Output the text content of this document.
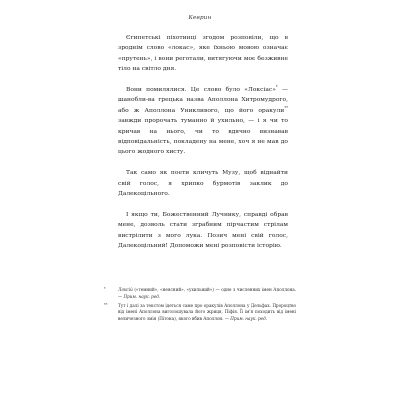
Кеврин

Єгипетські піхотинці згодом розповіли, що в зроднім слово «локас», яке їхньою мовою означає «прутень», і вони реготали, витягуючи моє безживне тіло на світло дня.

Вони помилялися. Це слово було «Локсіас»* — шанобли-ва грецька назва Аполлона Хитромудрого, або ж Аполлона Уникливого, що його оракули** завжди пророчать туманно й ухильно, — і я чи то кричав на нього, чи то вдячно визнавав відповідальність, покладену на мене, хоч я не мав до цього жодного хисту.

Так само як поети кличуть Музу, щоб віднайти свій голос, я хрипко бурмотів заклик до Далекоцільного.

І якщо ти, Божественний Лучнику, справді обрав мене, дозволь стати зграбним пірчастим стрілам вистрілити з мого лука. Позич мені свій голос, Далекоцільний! Допоможи мені розповісти історію.

*	Локсій («темний», «неясний», «ухильний») — одне з численних імен Аполлона. — Прим. наук. ред.
**	Тут і далі за текстом ідеться саме про оракулів Аполлона у Дельфах. Пророцтво від імені Аполлона виголошувала його жриця, Піфія. Її ім'я походить від імені величезного змія (Пітона), якого вбив Аполлон. — Прим. наук. ред.
